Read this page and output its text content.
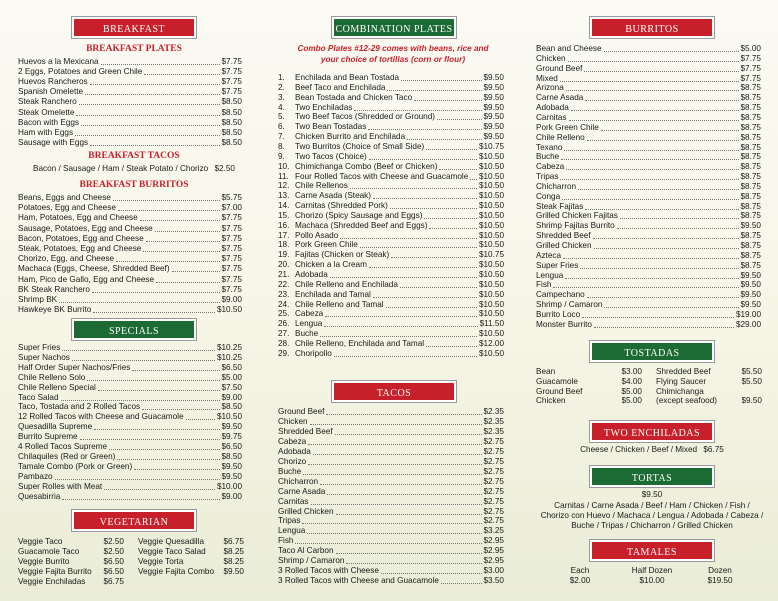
BREAKFAST
BREAKFAST PLATES
Huevos a la Mexicana	$7.75
2 Eggs, Potatoes and Green Chile	$7.75
Huevos Rancheros	$7.75
Spanish Omelette	$7.75
Steak Ranchero	$8.50
Steak Omelette	$8.50
Bacon with Eggs	$8.50
Ham with Eggs	$8.50
Sausage with Eggs	$8.50
BREAKFAST TACOS
Bacon / Sausage / Ham / Steak Potato / Chorizo $2.50
BREAKFAST BURRITOS
Beans, Eggs and Cheese	$5.75
Potatoes, Egg and Cheese	$7.00
Ham, Potatoes, Egg and Cheese	$7.75
Sausage, Potatoes, Egg and Cheese	$7.75
Bacon, Potatoes, Egg and Cheese	$7.75
Steak, Potatoes, Egg and Cheese	$7.75
Chorizo, Egg, and Cheese	$7.75
Machaca (Eggs, Cheese, Shredded Beef)	$7.75
Ham, Pico de Gallo, Egg and Cheese	$7.75
BK Steak Ranchero	$7.75
Shrimp BK	$9.00
Hawkeye BK Burrito	$10.50
SPECIALS
Super Fries	$10.25
Super Nachos	$10.25
Half Order Super Nachos/Fries	$6.50
Chile Relleno Solo	$5.00
Chile Relleno Special	$7.50
Taco Salad	$9.00
Taco, Tostada and 2 Rolled Tacos	$8.50
12 Rolled Tacos with Cheese and Guacamole	$10.50
Quesadilla Supreme	$9.50
Burrito Supreme	$9.75
4 Rolled Tacos Supreme	$6.50
Chilaquiles (Red or Green)	$8.50
Tamale Combo (Pork or Green)	$9.50
Pambazo	$9.50
Super Rolles with Meat	$10.00
Quesabirria	$9.00
VEGETARIAN
Veggie Taco	$2.50
Guacamole Taco	$2.50
Veggie Burrito	$6.50
Veggie Fajita Burrito $6.50
Veggie Enchiladas $6.75
Veggie Quesadilla $6.75
Veggie Taco Salad $8.25
Veggie Torta	$8.25
Veggie Fajita Combo $9.50
COMBINATION PLATES
Combo Plates #12-29 comes with beans, rice and
your choice of tortillas (corn or flour)
1. Enchilada and Bean Tostada	$9.50
2. Beef Taco and Enchilada	$9.50
3. Bean Tostada and Chicken Taco	$9.50
4. Two Enchiladas	$9.50
5. Two Beef Tacos (Shredded or Ground)	$9.50
6. Two Bean Tostadas	$9.50
7. Chicken Burrito and Enchilada	$9.50
8. Two Burritos (Choice of Small Side)	$10.75
9. Two Tacos (Choice)	$10.50
10. Chimichanga Combo (Beef or Chicken)	$10.50
11. Four Rolled Tacos with Cheese and Guacamole $10.50
12. Chile Rellenos	$10.50
13. Carne Asada (Steak)	$10.50
14. Carnitas (Shredded Pork)	$10.50
15. Chorizo (Spicy Sausage and Eggs)	$10.50
16. Machaca (Shredded Beef and Eggs)	$10.50
17. Pollo Asado	$10.50
18. Pork Green Chile	$10.50
19. Fajitas (Chicken or Steak)	$10.75
20. Chicken a la Cream	$10.50
21. Adobada	$10.50
22. Chile Relleno and Enchilada	$10.50
23. Enchilada and Tamal	$10.50
24. Chile Relleno and Tamal	$10.50
25. Cabeza	$10.50
26. Lengua	$11.50
27. Buche	$10.50
28. Chile Relleno, Enchilada and Tamal	$12.00
29. Choripollo	$10.50
TACOS
Ground Beef	$2.35
Chicken	$2.35
Shredded Beef	$2.35
Cabeza	$2.75
Adobada	$2.75
Chorizo	$2.75
Buche	$2.75
Chicharron	$2.75
Carne Asada	$2.75
Carnitas	$2.75
Grilled Chicken	$2.75
Tripas	$2.75
Lengua	$3.25
Fish	$2.95
Taco Al Carbon	$2.95
Shrimp / Camaron	$2.95
3 Rolled Tacos with Cheese	$3.00
3 Rolled Tacos with Cheese and Guacamole	$3.50
BURRITOS
Bean and Cheese	$5.00
Chicken	$7.75
Ground Beef	$7.75
Mixed	$7.75
Arizona	$8.75
Carne Asada	$8.75
Adobada	$8.75
Carnitas	$8.75
Pork Green Chile	$8.75
Chile Relleno	$8.75
Texano	$8.75
Buche	$8.75
Cabeza	$8.75
Tripas	$8.75
Chicharron	$8.75
Conga	$8.75
Steak Fajitas	$8.75
Grilled Chicken Fajitas	$8.75
Shrimp Fajitas Burrito	$9.50
Shredded Beef	$8.75
Grilled Chicken	$8.75
Azteca	$8.75
Super Fries	$8.75
Lengua	$9.50
Fish	$9.50
Campechano	$9.50
Shrimp / Camaron	$9.50
Burrito Loco	$19.00
Monster Burrito	$29.00
TOSTADAS
Bean	$3.00
Guacamole	$4.00
Ground Beef	$5.00
Chicken	$5.00
Shredded Beef	$5.50
Flying Saucer	$5.50
Chimichanga
(except seafood)	$9.50
TWO ENCHILADAS
Cheese / Chicken / Beef / Mixed $6.75
TORTAS
$9.50
Carnitas / Carne Asada / Beef / Ham / Chicken / Fish /
Chorizo con Huevo / Machaca / Lengua / Adobada / Cabeza /
Buche / Tripas / Chicharron / Grilled Chicken
TAMALES
Each	Half Dozen	Dozen
$2.00	$10.00	$19.50
